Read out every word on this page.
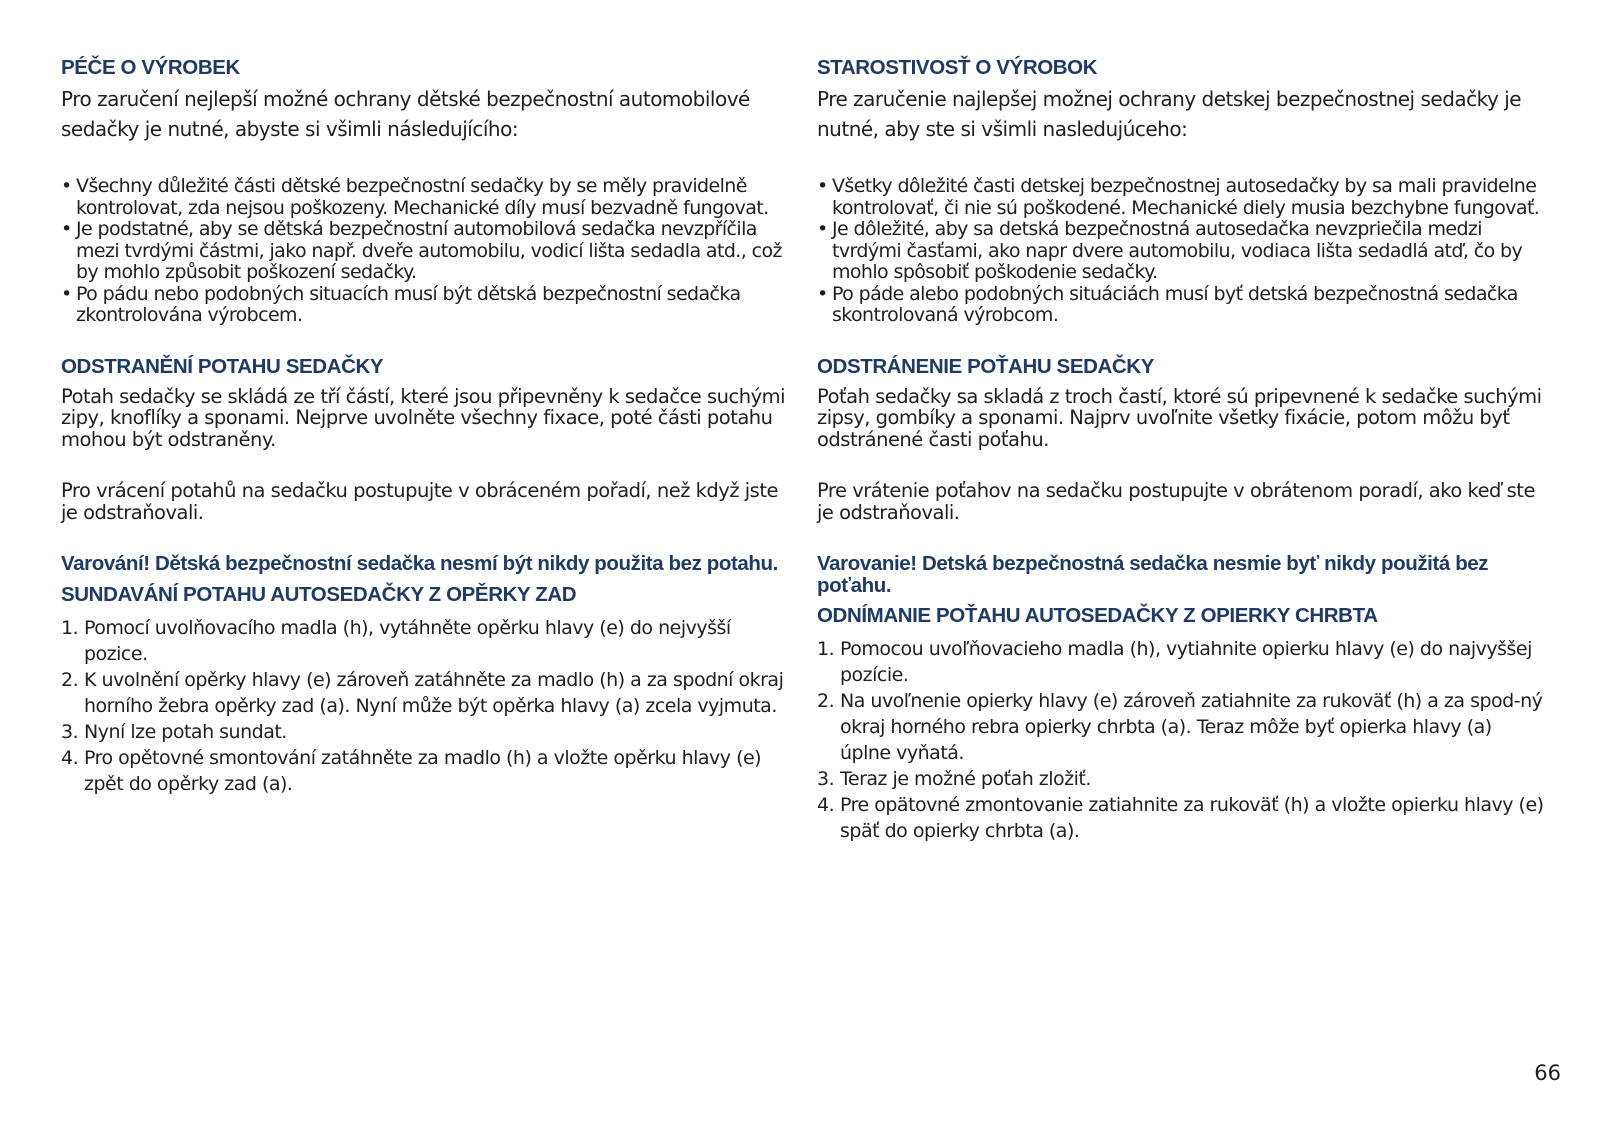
PÉČE O VÝROBEK

Pro zaručení nejlepší možné ochrany dětské bezpečnostní automobilové sedačky je nutné, abyste si všimli následujícího:

• Všechny důležité části dětské bezpečnostní sedačky by se měly pravidelně kontrolovat, zda nejsou poškozeny. Mechanické díly musí bezvadně fungovat.
• Je podstatné, aby se dětská bezpečnostní automobilová sedačka nevzpříčila mezi tvrdými částmi, jako např. dveře automobilu, vodicí lišta sedadla atd., což by mohlo způsobit poškození sedačky.
• Po pádu nebo podobných situacích musí být dětská bezpečnostní sedačka zkontrolována výrobcem.
ODSTRANĚNÍ POTAHU SEDAČKY

Potah sedačky se skládá ze tří částí, které jsou připevněny k sedačce suchými zipy, knoflíky a sponami. Nejprve uvolněte všechny fixace, poté části potahu mohou být odstraněny.

Pro vrácení potahů na sedačku postupujte v obráceném pořadí, než když jste je odstraňovali.

Varování! Dětská bezpečnostní sedačka nesmí být nikdy použita bez potahu.

SUNDAVÁNÍ POTAHU AUTOSEDAČKY Z OPĚRKY ZAD
1. Pomocí uvolňovacího madla (h), vytáhněte opěrku hlavy (e) do nejvyšší pozice.
2. K uvolnění opěrky hlavy (e) zároveň zatáhněte za madlo (h) a za spodní okraj horního žebra opěrky zad (a). Nyní může být opěrka hlavy (a) zcela vyjmuta.
3. Nyní lze potah sundat.
4. Pro opětovné smontování zatáhněte za madlo (h) a vložte opěrku hlavy (e) zpět do opěrky zad (a).
STAROSTIVOSŤ O VÝROBOK

Pre zaručenie najlepšej možnej ochrany detskej bezpečnostnej sedačky je nutné, aby ste si všimli nasledujúceho:

• Všetky dôležité časti detskej bezpečnostnej autosedačky by sa mali pravidelne kontrolovať, či nie sú poškodené. Mechanické diely musia bezchybne fungovať.
• Je dôležité, aby sa detská bezpečnostná autosedačka nevzpriečila medzi tvrdými časťami, ako napr dvere automobilu, vodiaca lišta sedadlá atď, čo by mohlo spôsobiť poškodenie sedačky.
• Po páde alebo podobných situáciách musí byť detská bezpečnostná sedačka skontrolovaná výrobcom.
ODSTRÁNENIE POŤAHU SEDAČKY

Poťah sedačky sa skladá z troch častí, ktoré sú pripevnené k sedačke suchými zipsy, gombíky a sponami. Najprv uvoľnite všetky fixácie, potom môžu byť odstránené časti poťahu.

Pre vrátenie poťahov na sedačku postupujte v obrátenom poradí, ako keď ste je odstraňovali.

Varovanie! Detská bezpečnostná sedačka nesmie byť nikdy použitá bez poťahu.

ODNÍMANIE POŤAHU AUTOSEDAČKY Z OPIERKY CHRBTA
1. Pomocou uvoľňovacieho madla (h), vytiahnite opierku hlavy (e) do najvyššej pozície.
2. Na uvoľnenie opierky hlavy (e) zároveň zatiahnite za rukoväť (h) a za spod-ný okraj horného rebra opierky chrbta (a). Teraz môže byť opierka hlavy (a) úplne vyňatá.
3. Teraz je možné poťah zložiť.
4. Pre opätovné zmontovanie zatiahnite za rukoväť (h) a vložte opierku hlavy (e) späť do opierky chrbta (a).
66
